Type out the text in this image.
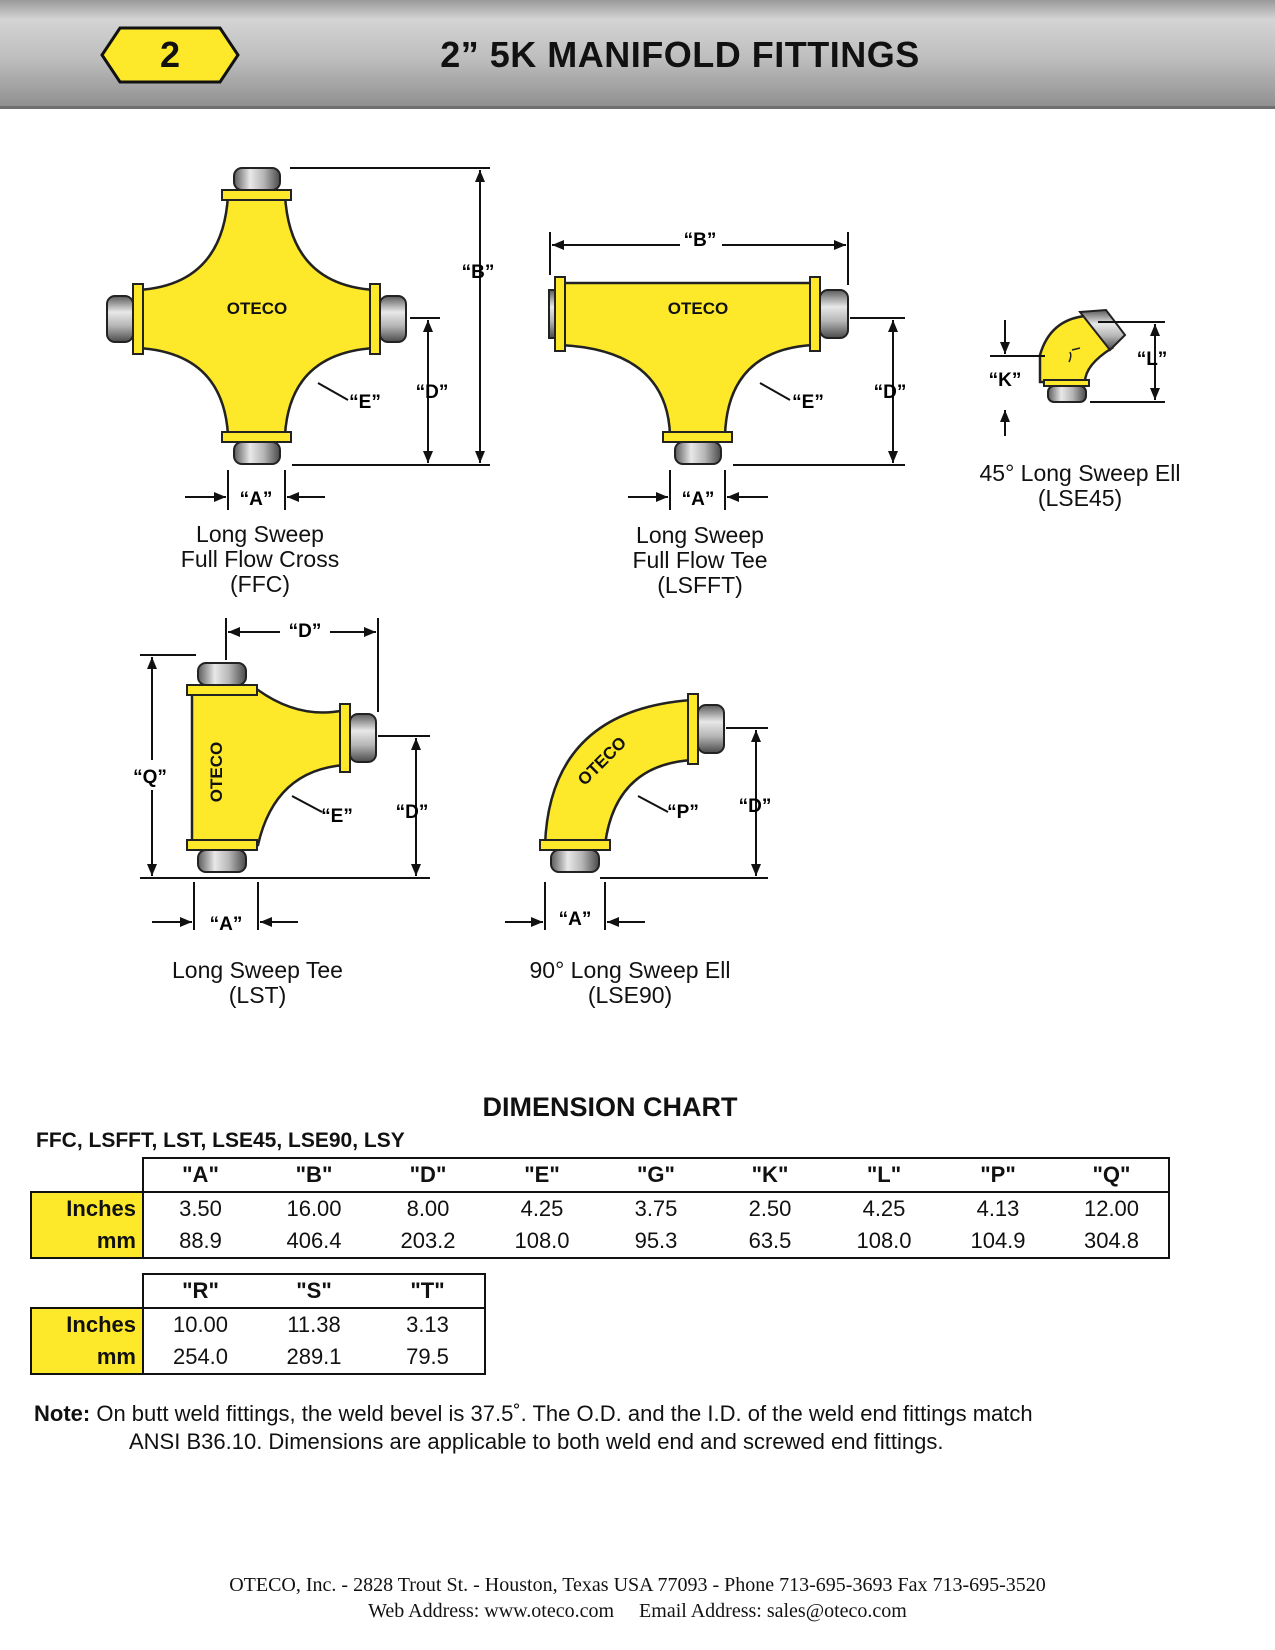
2	2” 5K MANIFOLD FITTINGS
OTECO
“B”
“D”
“E”
“A”
OTECO
“B”
“D”
“E”
“A”
“K”
“L”
OTECO
“D”
“Q”
“D”
“E”
“A”
OTECO
“D”
“P”
“A”
Long Sweep
Full Flow Cross
(FFC)
Long Sweep
Full Flow Tee
(LSFFT)
45° Long Sweep Ell
(LSE45)
Long Sweep Tee
(LST)
90° Long Sweep Ell
(LSE90)
DIMENSION CHART
FFC, LSFFT, LST, LSE45, LSE90, LSY
	"A"	"B"	"D"	"E"	"G"	"K"	"L"	"P"	"Q"
Inches	3.50	16.00	8.00	4.25	3.75	2.50	4.25	4.13	12.00
mm	88.9	406.4	203.2	108.0	95.3	63.5	108.0	104.9	304.8
	"R"	"S"	"T"
Inches	10.00	11.38	3.13
mm	254.0	289.1	79.5
Note: On butt weld fittings, the weld bevel is 37.5˚. The O.D. and the I.D. of the weld end fittings match
ANSI B36.10. Dimensions are applicable to both weld end and screwed end fittings.
OTECO, Inc. - 2828 Trout St. - Houston, Texas USA 77093 - Phone 713-695-3693 Fax 713-695-3520
Web Address: www.oteco.com     Email Address: sales@oteco.com
